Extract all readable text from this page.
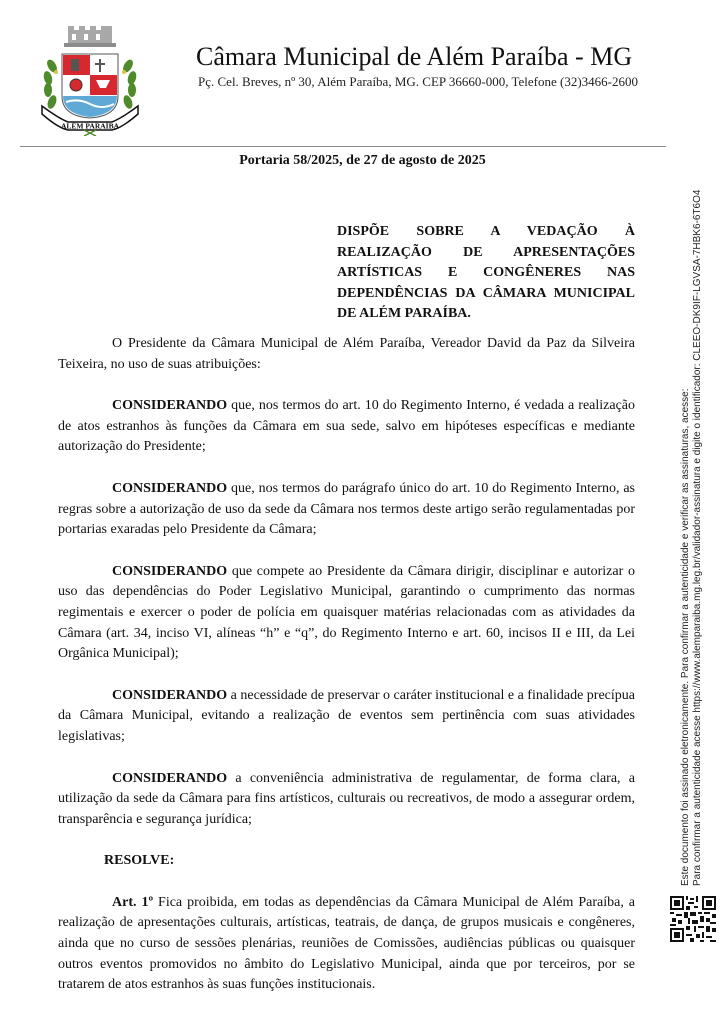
ALÉM PARAÍBA
Câmara Municipal de Além Paraíba - MG
Pç. Cel. Breves, nº 30, Além Paraíba, MG. CEP 36660-000, Telefone (32)3466-2600
Portaria 58/2025, de 27 de agosto de 2025
DISPÕE SOBRE A VEDAÇÃO À
REALIZAÇÃO DE APRESENTAÇÕES
ARTÍSTICAS E CONGÊNERES NAS
DEPENDÊNCIAS DA CÂMARA MUNICIPAL
DE ALÉM PARAÍBA.

O Presidente da Câmara Municipal de Além Paraíba, Vereador David da Paz da Silveira Teixeira, no uso de suas atribuições:

CONSIDERANDO que, nos termos do art. 10 do Regimento Interno, é vedada a realização de atos estranhos às funções da Câmara em sua sede, salvo em hipóteses específicas e mediante autorização do Presidente;

CONSIDERANDO que, nos termos do parágrafo único do art. 10 do Regimento Interno, as regras sobre a autorização de uso da sede da Câmara nos termos deste artigo serão regulamentadas por portarias exaradas pelo Presidente da Câmara;

CONSIDERANDO que compete ao Presidente da Câmara dirigir, disciplinar e autorizar o uso das dependências do Poder Legislativo Municipal, garantindo o cumprimento das normas regimentais e exercer o poder de polícia em quaisquer matérias relacionadas com as atividades da Câmara (art. 34, inciso VI, alíneas “h” e “q”, do Regimento Interno e art. 60, incisos II e III, da Lei Orgânica Municipal);

CONSIDERANDO a necessidade de preservar o caráter institucional e a finalidade precípua da Câmara Municipal, evitando a realização de eventos sem pertinência com suas atividades legislativas;

CONSIDERANDO a conveniência administrativa de regulamentar, de forma clara, a utilização da sede da Câmara para fins artísticos, culturais ou recreativos, de modo a assegurar ordem, transparência e segurança jurídica;

RESOLVE:

Art. 1º Fica proibida, em todas as dependências da Câmara Municipal de Além Paraíba, a realização de apresentações culturais, artísticas, teatrais, de dança, de grupos musicais e congêneres, ainda que no curso de sessões plenárias, reuniões de Comissões, audiências públicas ou quaisquer outros eventos promovidos no âmbito do Legislativo Municipal, ainda que por terceiros, por se tratarem de atos estranhos às suas funções institucionais.

Este documento foi assinado eletronicamente. Para confirmar a autenticidade e verificar as assinaturas, acesse: Para confirmar a autenticidade acesse https://www.alemparaiba.mg.leg.br/validador-assinatura e digite o identificador: CLEEO-DK9IF-LGVSA-7HBK6-6T6O4
